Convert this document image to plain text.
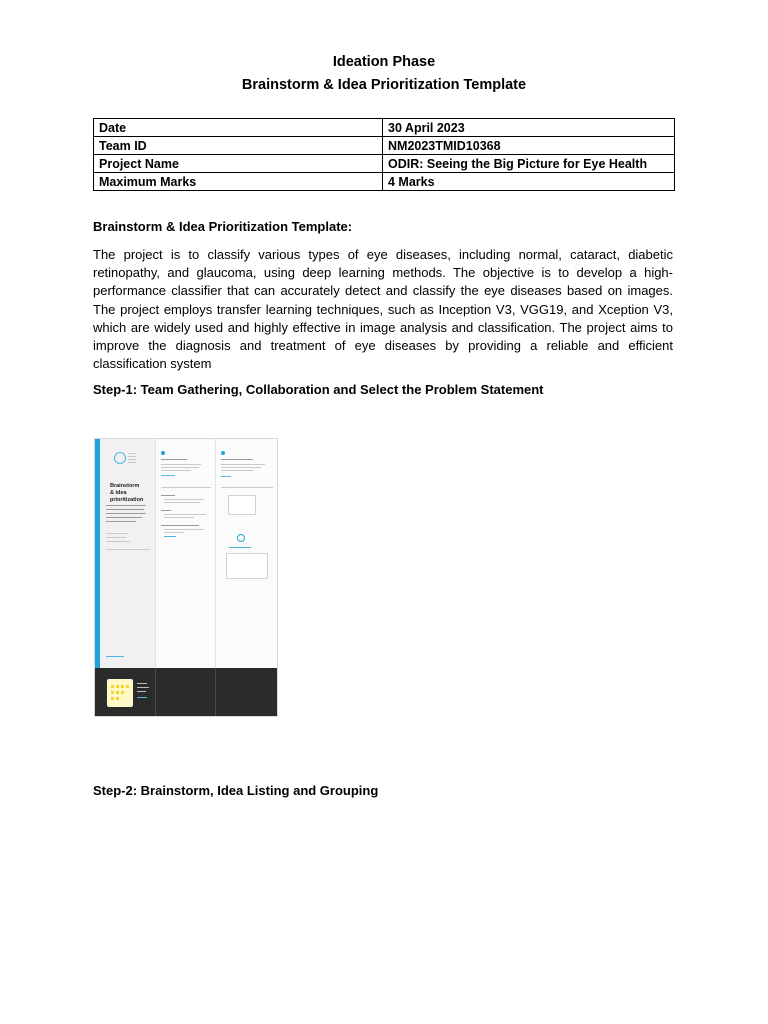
Ideation Phase
Brainstorm & Idea Prioritization Template
Date	30 April 2023
Team ID	NM2023TMID10368
Project Name	ODIR: Seeing the Big Picture for Eye Health
Maximum Marks	4 Marks
Brainstorm & Idea Prioritization Template:
The project is to classify various types of eye diseases, including normal, cataract, diabetic retinopathy, and glaucoma, using deep learning methods. The objective is to develop a high-performance classifier that can accurately detect and classify the eye diseases based on images. The project employs transfer learning techniques, such as Inception V3, VGG19, and Xception V3, which are widely used and highly effective in image analysis and classification. The project aims to improve the diagnosis and treatment of eye diseases by providing a reliable and efficient classification system
Step-1: Team Gathering, Collaboration and Select the Problem Statement
Brainstorm
& idea prioritization
Step-2: Brainstorm, Idea Listing and Grouping
